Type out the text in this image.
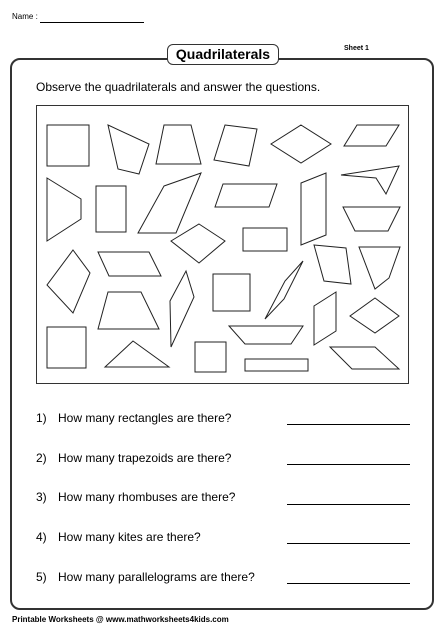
Name :
Sheet 1
Quadrilaterals
Observe the quadrilaterals and answer the questions.
1) How many rectangles are there?
2) How many trapezoids are there?
3) How many rhombuses are there?
4) How many kites are there?
5) How many parallelograms are there?
Printable Worksheets @ www.mathworksheets4kids.com
